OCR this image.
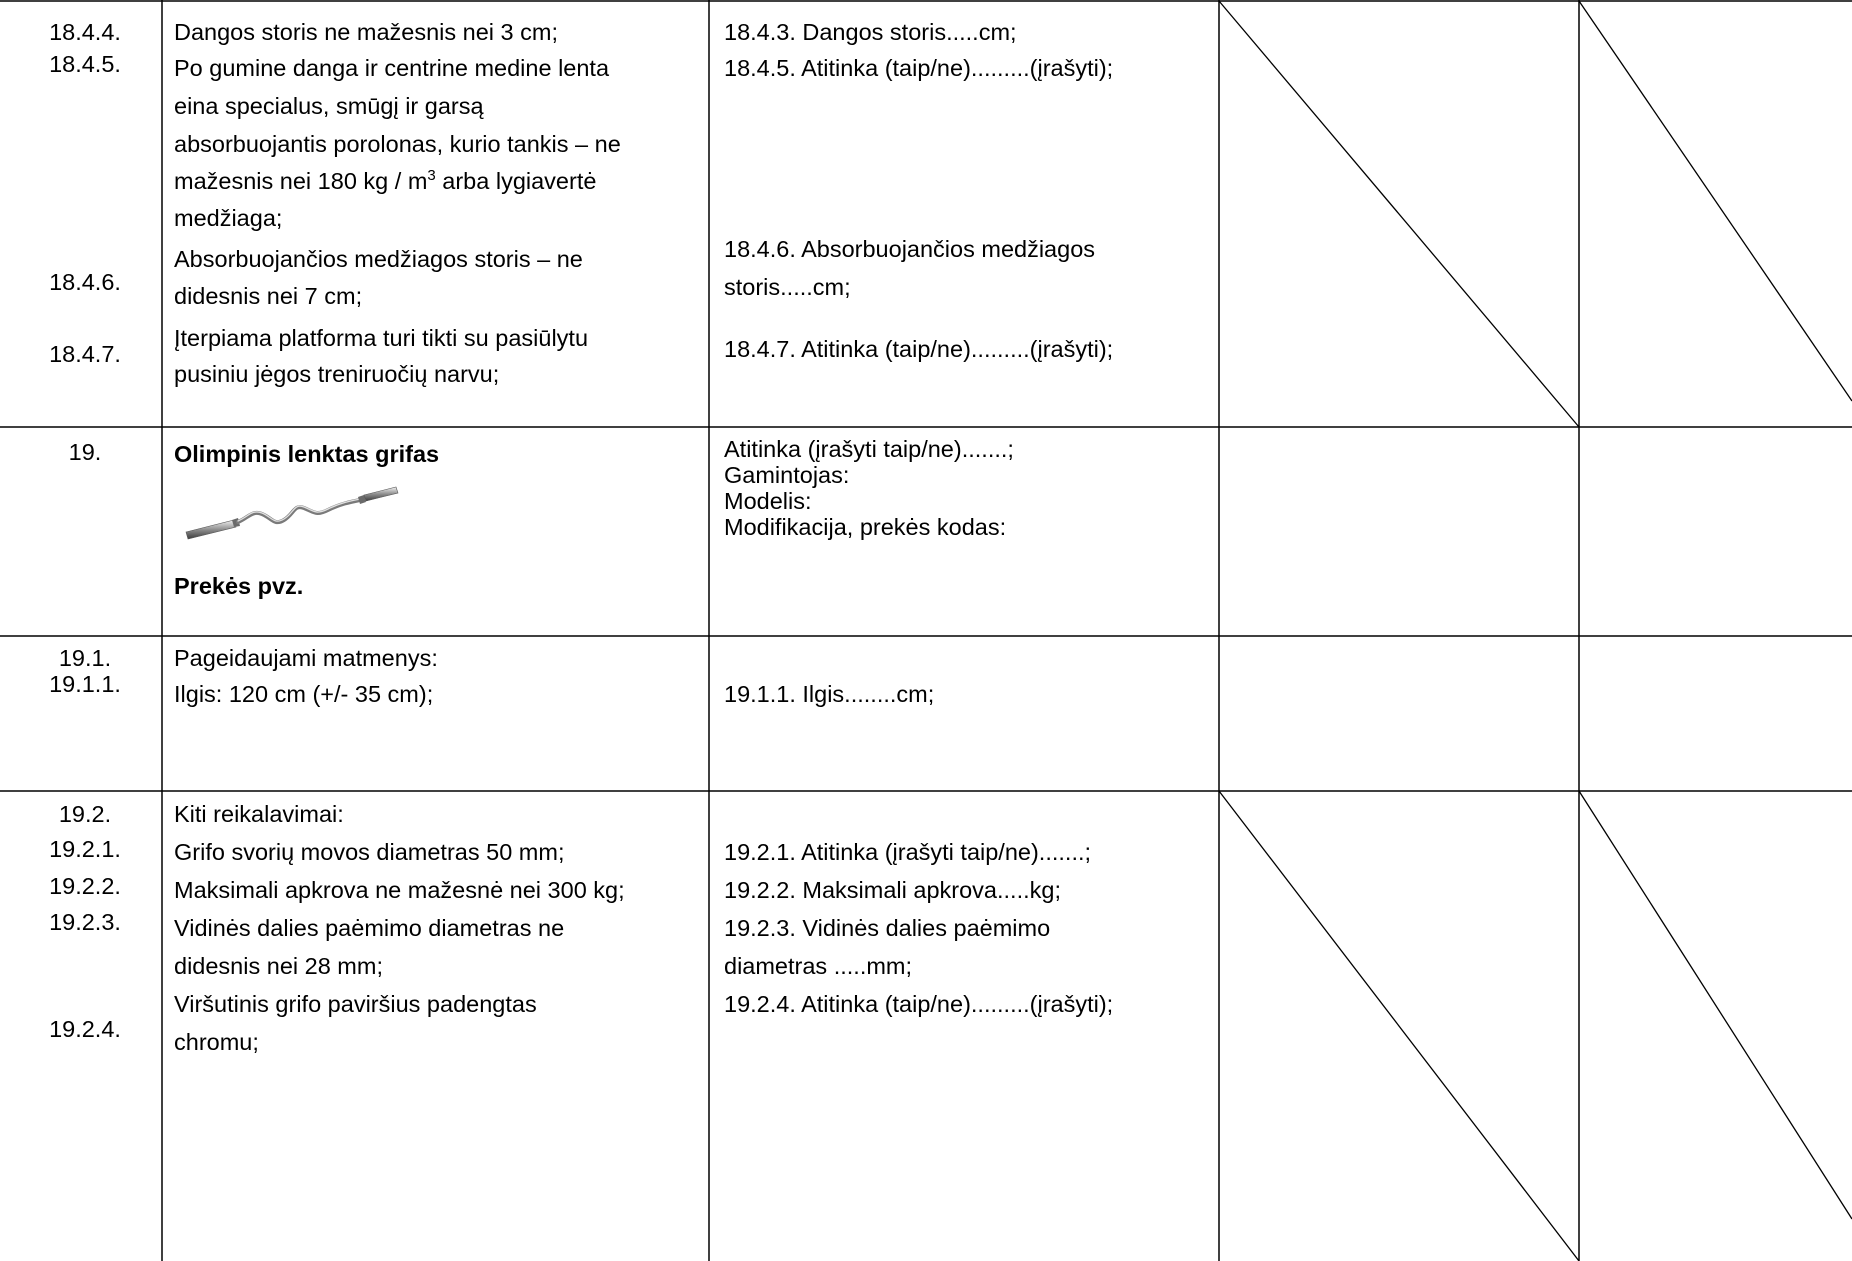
18.4.4.
18.4.5.
18.4.6.
18.4.7.
Dangos storis ne mažesnis nei 3 cm;
Po gumine danga ir centrine medine lenta
eina specialus, smūgį ir garsą
absorbuojantis porolonas, kurio tankis – ne
mažesnis nei 180 kg / $m^3$ arba lygiavertė
medžiaga;
Absorbuojančios medžiagos storis – ne
didesnis nei 7 cm;
Įterpiama platforma turi tikti su pasiūlytu
pusiniu jėgos treniruočių narvu;
18.4.3. Dangos storis.....cm;
18.4.5. Atitinka (taip/ne).........(įrašyti);
18.4.6. Absorbuojančios medžiagos
storis.....cm;
18.4.7. Atitinka (taip/ne).........(įrašyti);
19.	Olimpinis lenktas grifas
Prekės pvz.
Atitinka (įrašyti taip/ne).......;
Gamintojas:
Modelis:
Modifikacija, prekės kodas:
19.1.
19.1.1.
Pageidaujami matmenys:
Ilgis: 120 cm (+/- 35 cm);	19.1.1. Ilgis........cm;
19.2.
19.2.1.
19.2.2.
19.2.3.
19.2.4.
Kiti reikalavimai:
Grifo svorių movos diametras 50 mm;
Maksimali apkrova ne mažesnė nei 300 kg;
Vidinės dalies paėmimo diametras ne
didesnis nei 28 mm;
Viršutinis grifo paviršius padengtas
chromu;
19.2.1. Atitinka (įrašyti taip/ne).......;
19.2.2. Maksimali apkrova.....kg;
19.2.3. Vidinės dalies paėmimo
diametras .....mm;
19.2.4. Atitinka (taip/ne).........(įrašyti);
